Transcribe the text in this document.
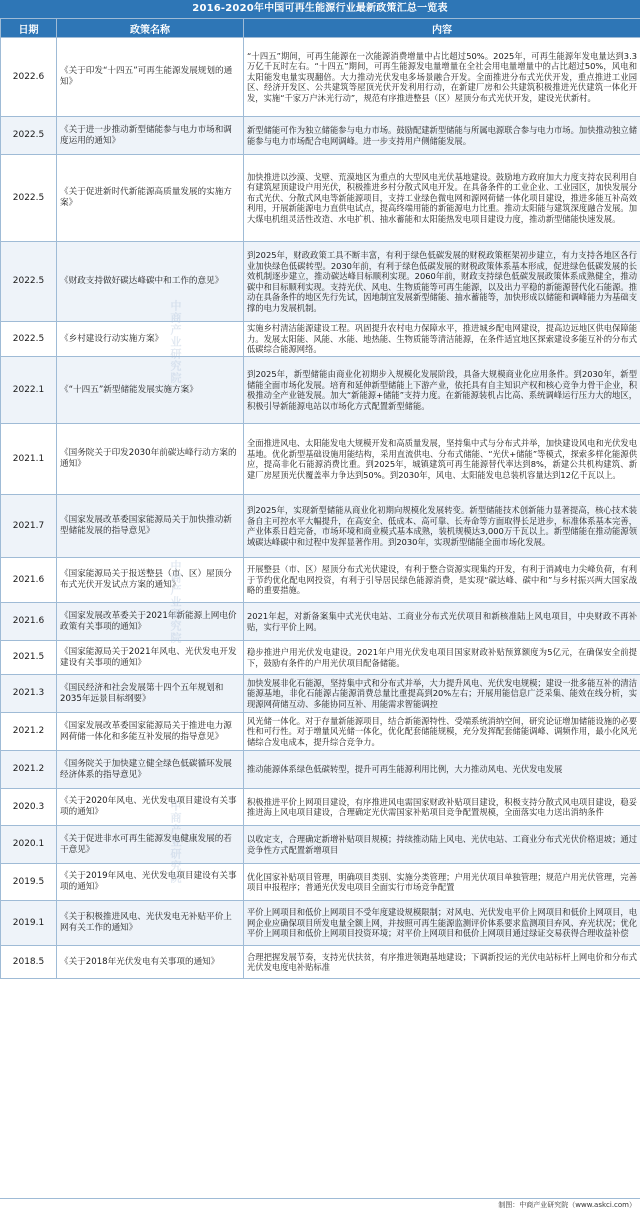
2016-2020年中国可再生能源行业最新政策汇总一览表
日期	政策名称	内容
2022.6	《关于印发“十四五”可再生能源发展规划的通知》	“十四五”期间，可再生能源在一次能源消费增量中占比超过50%。2025年，可再生能源年发电量达到3.3万亿千瓦时左右。“十四五”期间，可再生能源发电量增量在全社会用电量增量中的占比超过50%，风电和太阳能发电量实现翻倍。大力推动光伏发电多场景融合开发。全面推进分布式光伏开发，重点推进工业园区、经济开发区、公共建筑等屋顶光伏开发利用行动，在新建厂房和公共建筑积极推进光伏建筑一体化开发，实施“千家万户沐光行动”，规范有序推进整县（区）屋顶分布式光伏开发，建设光伏新村。
2022.5	《关于进一步推动新型储能参与电力市场和调度运用的通知》	新型储能可作为独立储能参与电力市场。鼓励配建新型储能与所属电源联合参与电力市场。加快推动独立储能参与电力市场配合电网调峰。进一步支持用户侧储能发展。
2022.5	《关于促进新时代新能源高质量发展的实施方案》	加快推进以沙漠、戈壁、荒漠地区为重点的大型风电光伏基地建设。鼓励地方政府加大力度支持农民利用自有建筑屋顶建设户用光伏，积极推进乡村分散式风电开发。在具备条件的工业企业、工业园区，加快发展分布式光伏、分散式风电等新能源项目，支持工业绿色微电网和源网荷储一体化项目建设，推进多能互补高效利用，开展新能源电力直供电试点，提高终端用能的新能源电力比重。推动太阳能与建筑深度融合发展。加大煤电机组灵活性改造、水电扩机、抽水蓄能和太阳能热发电项目建设力度，推动新型储能快速发展。
2022.5	《财政支持做好碳达峰碳中和工作的意见》	到2025年，财政政策工具不断丰富，有利于绿色低碳发展的财税政策框架初步建立，有力支持各地区各行业加快绿色低碳转型。2030年前，有利于绿色低碳发展的财税政策体系基本形成，促进绿色低碳发展的长效机制逐步建立，推动碳达峰目标顺利实现。2060年前，财政支持绿色低碳发展政策体系成熟健全，推动碳中和目标顺利实现。支持光伏、风电、生物质能等可再生能源，以及出力平稳的新能源替代化石能源。推动在具备条件的地区先行先试，因地制宜发展新型储能、抽水蓄能等，加快形成以储能和调峰能力为基础支撑的电力发展机制。
2022.5	《乡村建设行动实施方案》	实施乡村清洁能源建设工程。巩固提升农村电力保障水平，推进城乡配电网建设，提高边远地区供电保障能力。发展太阳能、风能、水能、地热能、生物质能等清洁能源，在条件适宜地区探索建设多能互补的分布式低碳综合能源网络。
2022.1	《“十四五”新型储能发展实施方案》	到2025年，新型储能由商业化初期步入规模化发展阶段，具备大规模商业化应用条件。到2030年，新型储能全面市场化发展。培育和延伸新型储能上下游产业，依托具有自主知识产权和核心竞争力骨干企业，积极推动全产业链发展。加大“新能源+储能”支持力度。在新能源装机占比高、系统调峰运行压力大的地区，积极引导新能源电站以市场化方式配置新型储能。
2021.1	《国务院关于印发2030年前碳达峰行动方案的通知》	全面推进风电、太阳能发电大规模开发和高质量发展，坚持集中式与分布式并举，加快建设风电和光伏发电基地。优化新型基础设施用能结构，采用直流供电、分布式储能、“光伏+储能”等模式，探索多样化能源供应，提高非化石能源消费比重。到2025年，城镇建筑可再生能源替代率达到8%，新建公共机构建筑、新建厂房屋顶光伏覆盖率力争达到50%。到2030年，风电、太阳能发电总装机容量达到12亿千瓦以上。
2021.7	《国家发展改革委国家能源局关于加快推动新型储能发展的指导意见》	到2025年，实现新型储能从商业化初期向规模化发展转变。新型储能技术创新能力显著提高，核心技术装备自主可控水平大幅提升，在高安全、低成本、高可靠、长寿命等方面取得长足进步，标准体系基本完善，产业体系日趋完备，市场环境和商业模式基本成熟，装机规模达3,000万千瓦以上。新型储能在推动能源领域碳达峰碳中和过程中发挥显著作用。到2030年，实现新型储能全面市场化发展。
2021.6	《国家能源局关于报送整县（市、区）屋顶分布式光伏开发试点方案的通知》	开展整县（市、区）屋顶分布式光伏建设，有利于整合资源实现集约开发，有利于消减电力尖峰负荷，有利于节约优化配电网投资，有利于引导居民绿色能源消费，是实现“碳达峰、碳中和”与乡村振兴两大国家战略的重要措施。
2021.6	《国家发展改革委关于2021年新能源上网电价政策有关事项的通知》	2021年起，对新备案集中式光伏电站、工商业分布式光伏项目和新核准陆上风电项目，中央财政不再补贴，实行平价上网。
2021.5	《国家能源局关于2021年风电、光伏发电开发建设有关事项的通知》	稳步推进户用光伏发电建设。2021年户用光伏发电项目国家财政补贴预算额度为5亿元，在确保安全前提下，鼓励有条件的户用光伏项目配备储能。
2021.3	《国民经济和社会发展第十四个五年规划和2035年远景目标纲要》	加快发展非化石能源，坚持集中式和分布式并举，大力提升风电、光伏发电规模；建设一批多能互补的清洁能源基地，非化石能源占能源消费总量比重提高到20%左右；开展用能信息广泛采集、能效在线分析，实现源网荷储互动、多能协同互补、用能需求智能调控
2021.2	《国家发展改革委国家能源局关于推进电力源网荷储一体化和多能互补发展的指导意见》	风光储一体化。对于存量新能源项目，结合新能源特性、受端系统消纳空间，研究论证增加储能设施的必要性和可行性。对于增量风光储一体化，优化配套储能规模，充分发挥配套储能调峰、调频作用，最小化风光储综合发电成本，提升综合竞争力。
2021.2	《国务院关于加快建立健全绿色低碳循环发展经济体系的指导意见》	推动能源体系绿色低碳转型，提升可再生能源利用比例，大力推动风电、光伏发电发展
2020.3	《关于2020年风电、光伏发电项目建设有关事项的通知》	积极推进平价上网项目建设，有序推进风电需国家财政补贴项目建设，积极支持分散式风电项目建设，稳妥推进海上风电项目建设，合理确定光伏需国家补贴项目竞争配置规模，全面落实电力送出消纳条件
2020.1	《关于促进非水可再生能源发电健康发展的若干意见》	以收定支，合理确定新增补贴项目规模；持续推动陆上风电、光伏电站、工商业分布式光伏价格退坡；通过竞争性方式配置新增项目
2019.5	《关于2019年风电、光伏发电项目建设有关事项的通知》	优化国家补贴项目管理，明确项目类别、实施分类管理；户用光伏项目单独管理；规范户用光伏管理，完善项目申报程序；普通光伏发电项目全面实行市场竞争配置
2019.1	《关于积极推进风电、光伏发电无补贴平价上网有关工作的通知》	平价上网项目和低价上网项目不受年度建设规模限制；对风电、光伏发电平价上网项目和低价上网项目，电网企业应确保项目所发电量全额上网，并按照可再生能源监测评价体系要求监测项目弃风、弃光状况；优化平价上网项目和低价上网项目投资环境；对平价上网项目和低价上网项目通过绿证交易获得合理收益补偿
2018.5	《关于2018年光伏发电有关事项的通知》	合理把握发展节奏，支持光伏扶贫，有序推进领跑基地建设；下调新投运的光伏电站标杆上网电价和分布式光伏发电度电补贴标准
中商产业研究院
中商产业研究院
中商产业研究院
制图：中商产业研究院（www.askci.com）
